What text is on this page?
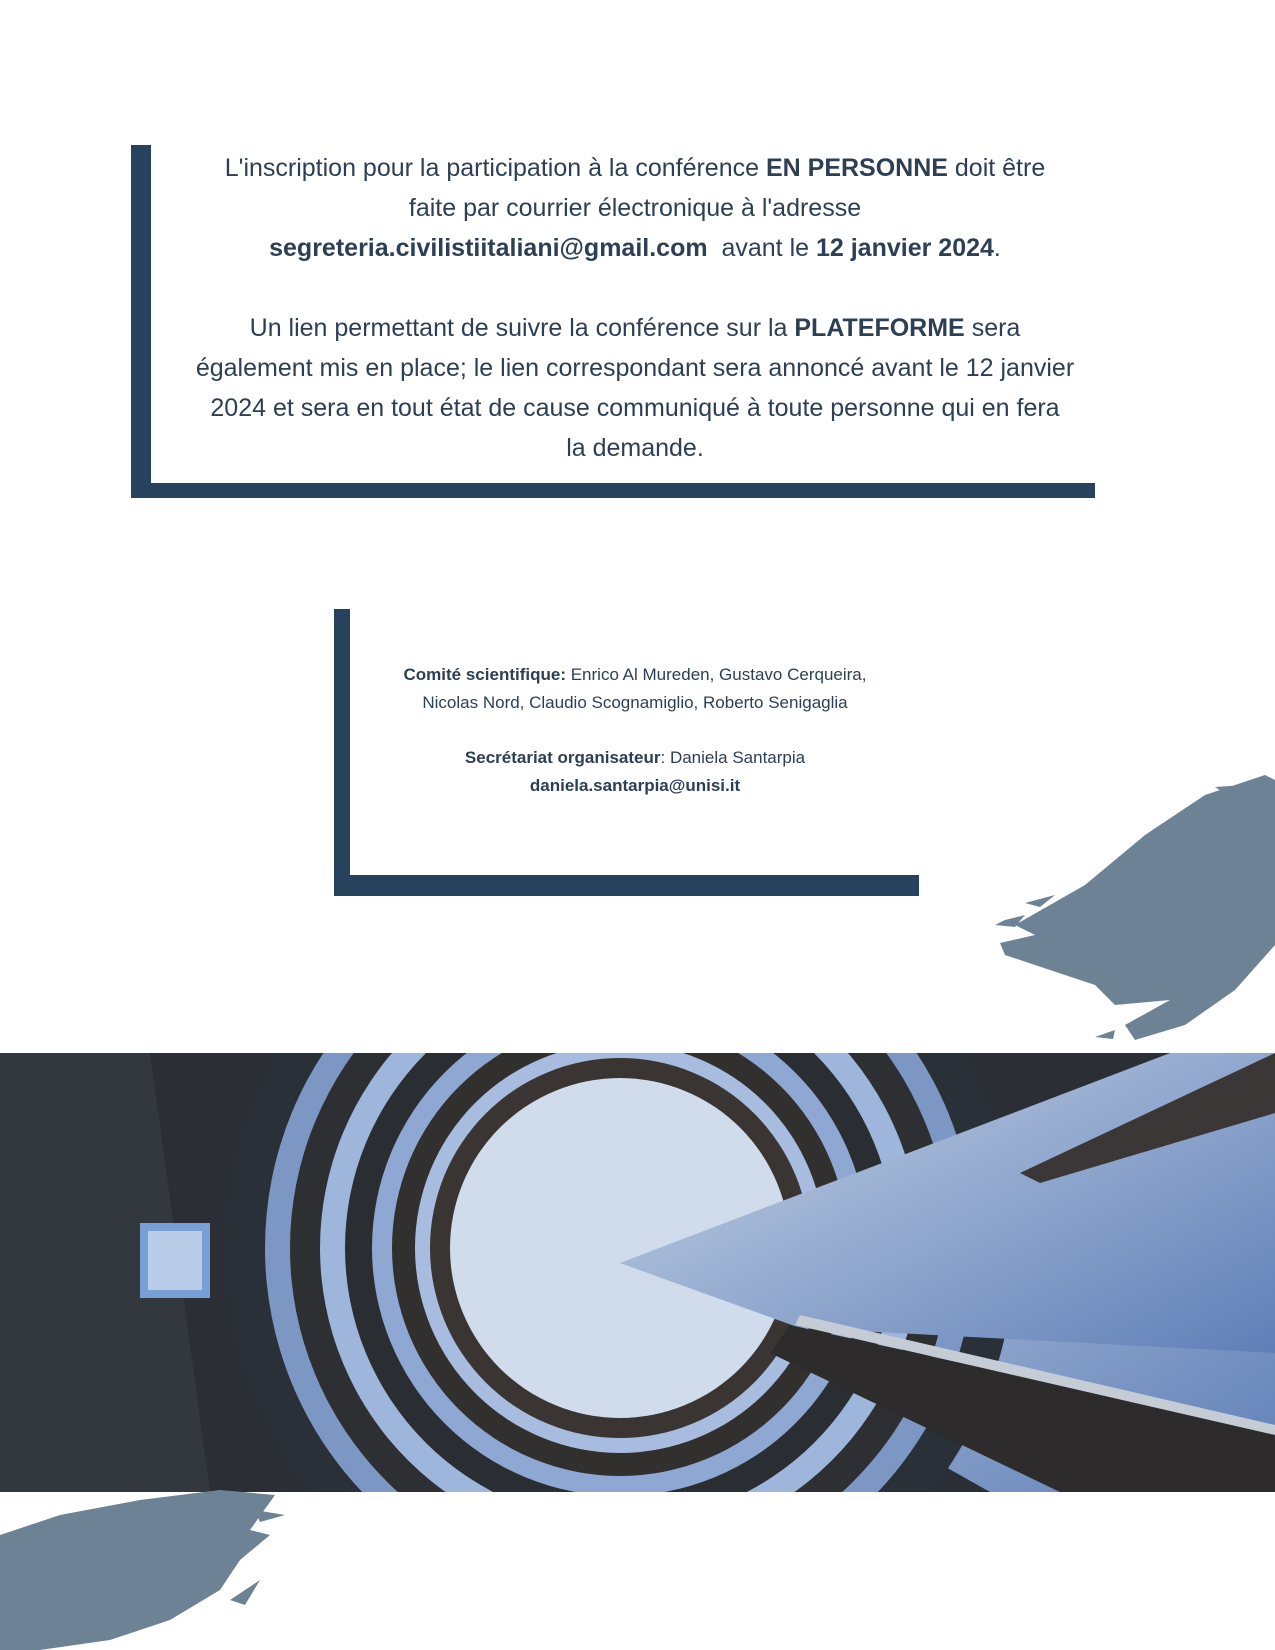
L'inscription pour la participation à la conférence EN PERSONNE doit être

faite par courrier électronique à l'adresse

segreteria.civilistiitaliani@gmail.com  avant le 12 janvier 2024.

Un lien permettant de suivre la conférence sur la PLATEFORME sera

également mis en place; le lien correspondant sera annoncé avant le 12 janvier

2024 et sera en tout état de cause communiqué à toute personne qui en fera

la demande.

Comité scientifique: Enrico Al Mureden, Gustavo Cerqueira,

Nicolas Nord, Claudio Scognamiglio, Roberto Senigaglia

Secrétariat organisateur: Daniela Santarpia

daniela.santarpia@unisi.it
